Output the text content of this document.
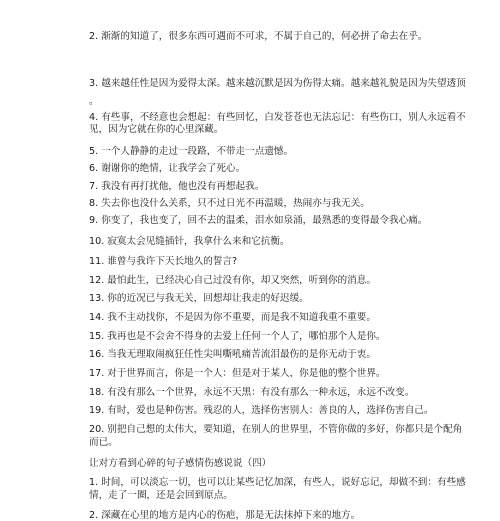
2. 渐渐的知道了，很多东西可遇而不可求，不属于自己的，何必拼了命去在乎。
3. 越来越任性是因为爱得太深。越来越沉默是因为伤得太痛。越来越礼貌是因为失望透顶
。
4. 有些事，不经意也会想起：有些回忆，白发苍苍也无法忘记：有些伤口，别人永远看不
见，因为它就在你的心里深藏。
5. 一个人静静的走过一段路，不带走一点遗憾。
6. 谢谢你的绝情，让我学会了死心。
7. 我没有再打扰他，他也没有再想起我。
8. 失去你也没什么关系，只不过日光不再温暖，热闹亦与我无关。
9. 你变了，我也变了，回不去的温柔，泪水如泉涌，最熟悉的变得最令我心痛。
10. 寂寞太会见缝插针，我拿什么来和它抗衡。
11. 谁曾与我许下天长地久的誓言?
12. 最怕此生，已经决心自己过没有你，却又突然，听到你的消息。
13. 你的近况已与我无关，回想却让我走的好迟缓。
14. 我不主动找你，不是因为你不重要，而是我不知道我重不重要。
15. 我再也是不会舍不得身的去爱上任何一个人了，哪怕那个人是你。
16. 当我无理取闹疯狂任性尖叫嘶吼痛苦流泪最伤的是你无动于衷。
17. 对于世界而言，你是一个人：但是对于某人，你是他的整个世界。
18. 有没有那么一个世界，永远不天黑：有没有那么一种永远，永远不改变。
19. 有时，爱也是种伤害。残忍的人，选择伤害别人：善良的人，选择伤害自己。
20. 别把自己想的太伟大，要知道，在别人的世界里，不管你做的多好，你都只是个配角
而已。
让对方看到心碎的句子感情伤感说说（四）
1. 时间，可以淡忘一切，也可以让某些记忆加深，有些人，说好忘记，却做不到：有些感
情，走了一圈，还是会回到原点。
2. 深藏在心里的地方是内心的伤疤，那是无法抹掉下来的地方。
